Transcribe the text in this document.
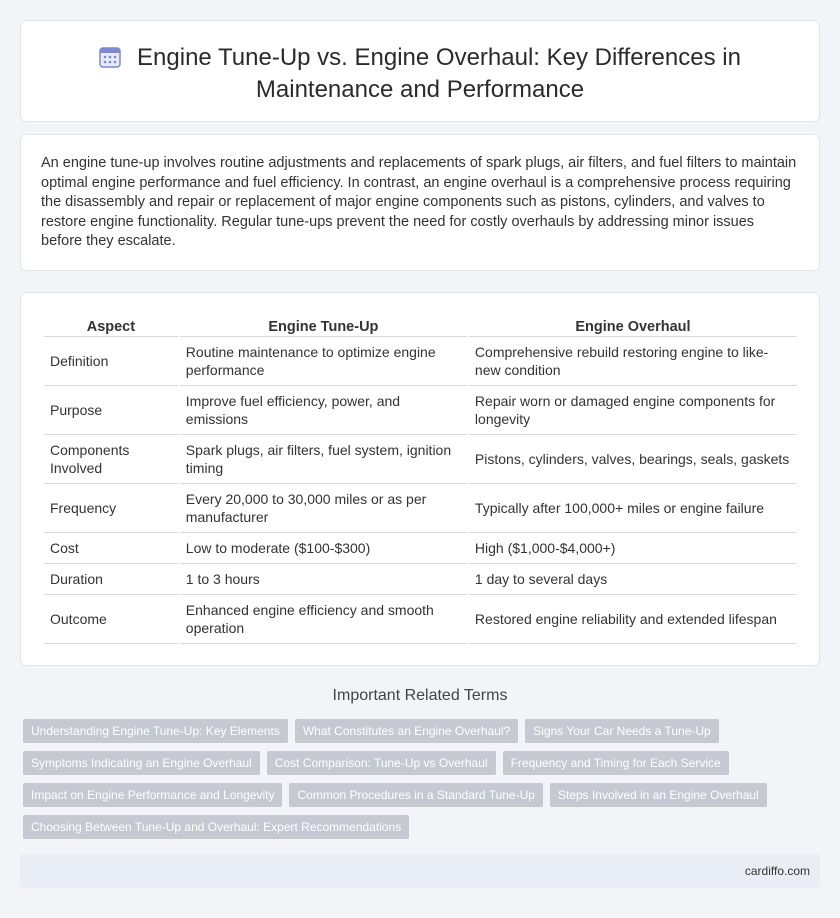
Engine Tune-Up vs. Engine Overhaul: Key Differences in
Maintenance and Performance

An engine tune-up involves routine adjustments and replacements of spark plugs, air filters, and fuel filters to maintain optimal engine performance and fuel efficiency. In contrast, an engine overhaul is a comprehensive process requiring the disassembly and repair or replacement of major engine components such as pistons, cylinders, and valves to restore engine functionality. Regular tune-ups prevent the need for costly overhauls by addressing minor issues before they escalate.

Aspect	Engine Tune-Up	Engine Overhaul
Definition	Routine maintenance to optimize engine performance	Comprehensive rebuild restoring engine to like-new condition
Purpose	Improve fuel efficiency, power, and emissions	Repair worn or damaged engine components for longevity
Components Involved	Spark plugs, air filters, fuel system, ignition timing	Pistons, cylinders, valves, bearings, seals, gaskets
Frequency	Every 20,000 to 30,000 miles or as per manufacturer	Typically after 100,000+ miles or engine failure
Cost	Low to moderate ($100-$300)	High ($1,000-$4,000+)
Duration	1 to 3 hours	1 day to several days
Outcome	Enhanced engine efficiency and smooth operation	Restored engine reliability and extended lifespan
Important Related Terms
Understanding Engine Tune-Up: Key Elements	What Constitutes an Engine Overhaul?	Signs Your Car Needs a Tune-Up
Symptoms Indicating an Engine Overhaul	Cost Comparison: Tune-Up vs Overhaul	Frequency and Timing for Each Service
Impact on Engine Performance and Longevity	Common Procedures in a Standard Tune-Up	Steps Involved in an Engine Overhaul
Choosing Between Tune-Up and Overhaul: Expert Recommendations
cardiffo.com
